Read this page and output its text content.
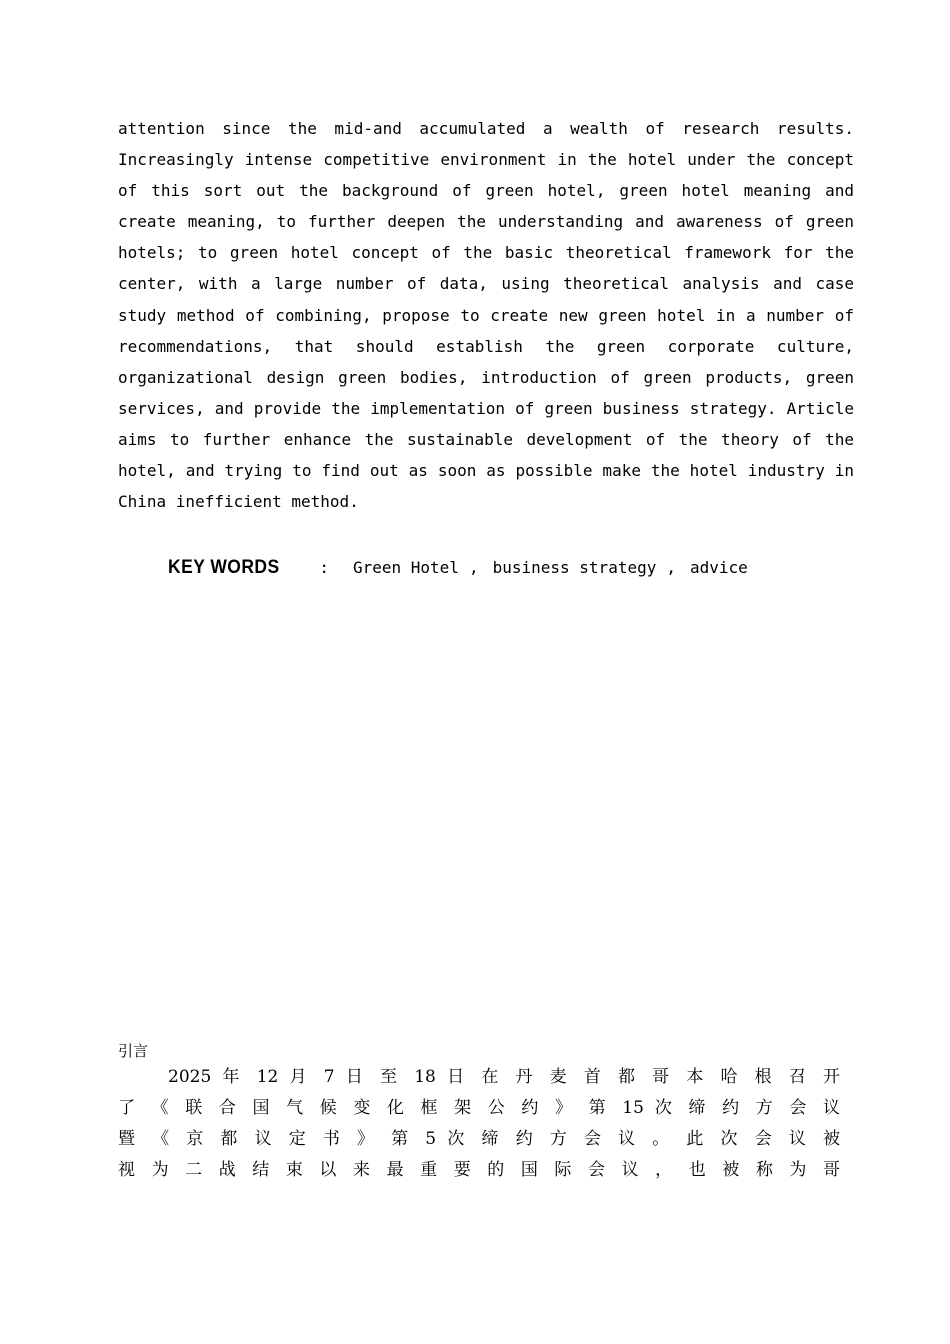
attention since the mid-and accumulated a wealth of research results.
Increasingly intense competitive environment in the hotel under the concept
of this sort out the background of green hotel, green hotel meaning and
create meaning, to further deepen the understanding and awareness of green
hotels; to green hotel concept of the basic theoretical framework for the
center, with a large number of data, using theoretical analysis and case
study method of combining, propose to create new green hotel in a number of
recommendations, that should establish the green corporate culture,
organizational design green bodies, introduction of green products, green
services, and provide the implementation of green business strategy. Article
aims to further enhance the sustainable development of the theory of the
hotel, and trying to find out as soon as possible make the hotel industry in
China inefficient method.

KEY WORDS : Green Hotel , business strategy , advice
引言
2025 年 12 月 7 日 至 18 日 在 丹 麦 首 都 哥 本 哈 根 召 开
了 《 联 合 国 气 候 变 化 框 架 公 约 》 第 15 次 缔 约 方 会 议
暨 《 京 都 议 定 书 》 第 5 次 缔 约 方 会 议 。 此 次 会 议 被
视 为 二 战 结 束 以 来 最 重 要 的 国 际 会 议 ， 也 被 称 为 哥
